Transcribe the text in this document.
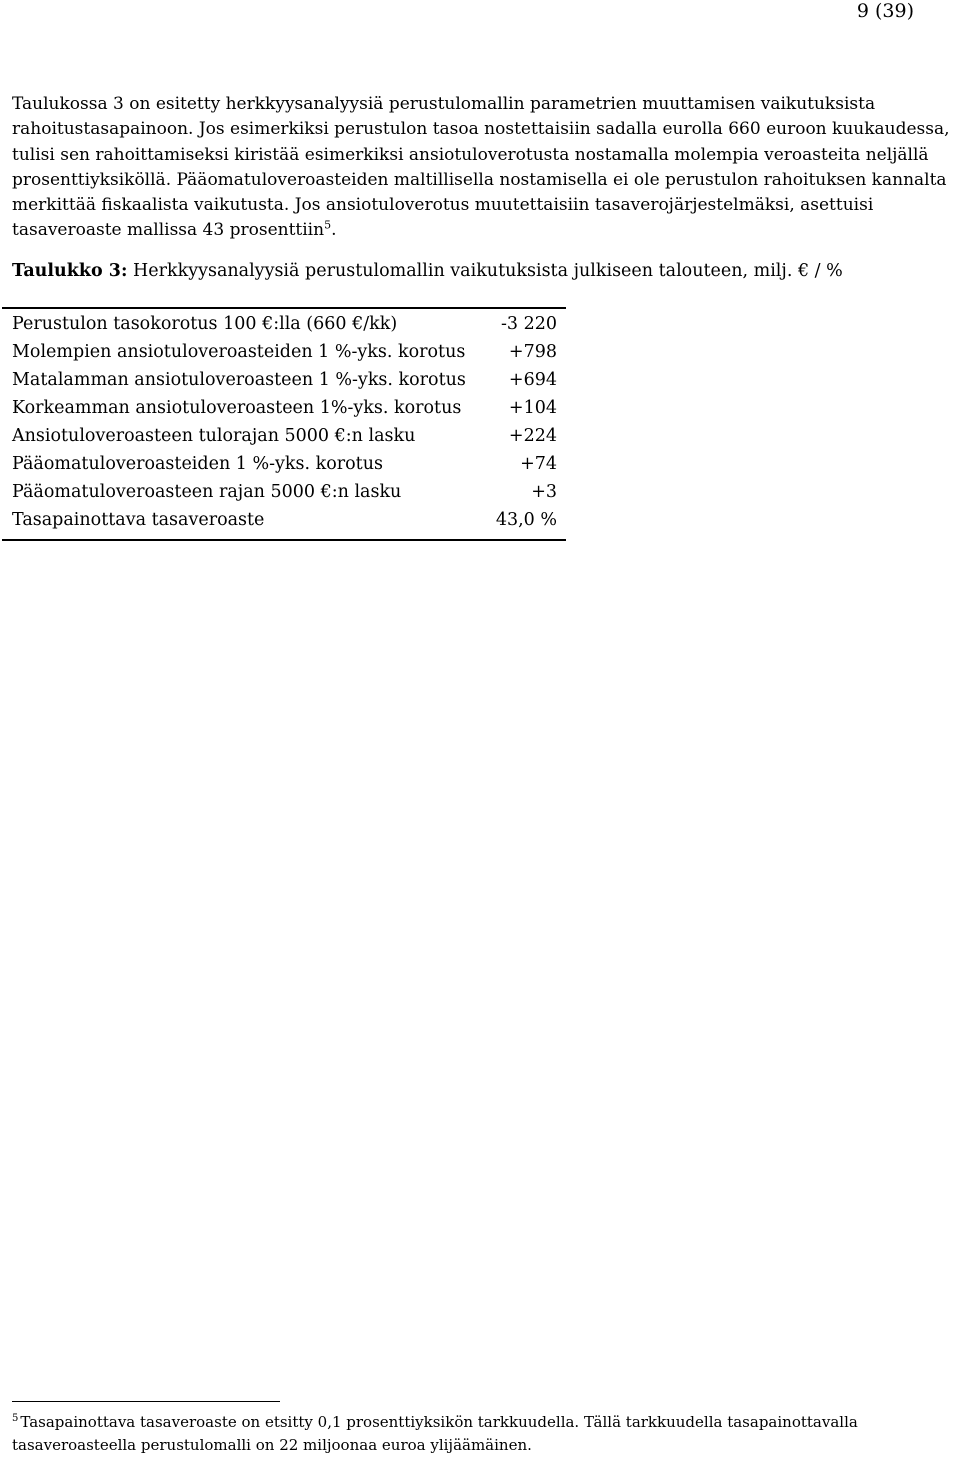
9 (39)

Taulukossa 3 on esitetty herkkyysanalyysiä perustulomallin parametrien muuttamisen vaikutuksista rahoitustasapainoon. Jos esimerkiksi perustulon tasoa nostettaisiin sadalla eurolla 660 euroon kuukaudessa, tulisi sen rahoittamiseksi kiristää esimerkiksi ansiotuloverotusta nostamalla molempia veroasteita neljällä prosenttiyksiköllä. Pääomatuloveroasteiden maltillisella nostamisella ei ole perustulon rahoituksen kannalta merkittää fiskaalista vaikutusta. Jos ansiotuloverotus muutettaisiin tasaverojärjestelmäksi, asettuisi tasaveroaste mallissa 43 prosenttiin$^5$.

Taulukko 3: Herkkyysanalyysiä perustulomallin vaikutuksista julkiseen talouteen, milj. € / %
Perustulon tasokorotus 100 €:lla (660 €/kk)	-3 220
Molempien ansiotuloveroasteiden 1 %-yks. korotus	+798
Matalamman ansiotuloveroasteen 1 %-yks. korotus	+694
Korkeamman ansiotuloveroasteen 1%-yks. korotus	+104
Ansiotuloveroasteen tulorajan 5000 €:n lasku	+224
Pääomatuloveroasteiden 1 %-yks. korotus	+74
Pääomatuloveroasteen rajan 5000 €:n lasku	+3
Tasapainottava tasaveroaste	43,0 %

$^5$ Tasapainottava tasaveroaste on etsitty 0,1 prosenttiyksikön tarkkuudella. Tällä tarkkuudella tasapainottavalla tasaveroasteella perustulomalli on 22 miljoonaa euroa ylijäämäinen.
